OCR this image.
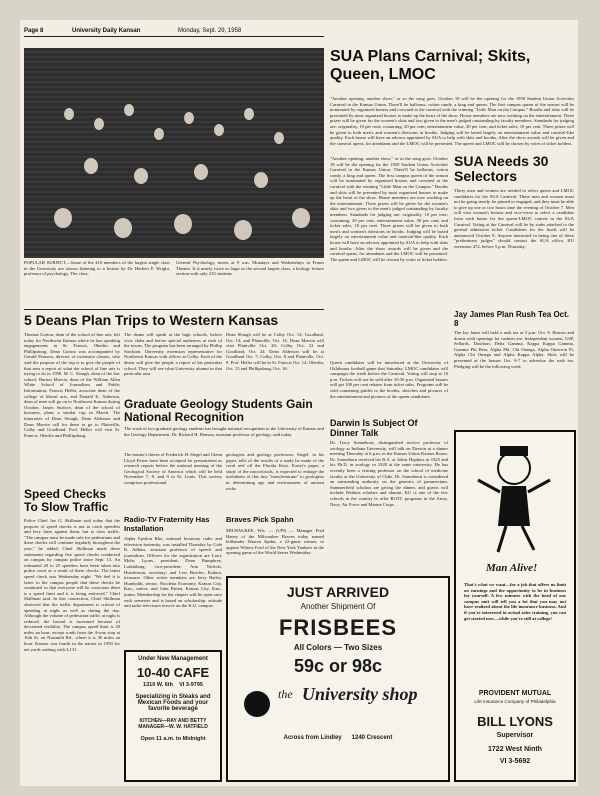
Page 8	University Daily Kansan	Monday, Sept. 29, 1958
POPULAR SUBJECT—Some of the 410 members of the largest single class in the University are shown listening to a lecture by Dr. Herbert F. Wright, professor of psychology. The class,
General Psychology, meets at 9 a.m. Mondays and Wednesdays in Fraser Theater. It is nearly twice as large as the second largest class, a biology lecture section with only 210 students.
SUA Plans Carnival; Skits, Queen, LMOC
"Another opening, another show," or so the song goes. October 18 will be the opening for the 1958 Student Union Activities Carnival in the Kansas Union. There'll be balloons, cotton candy, a king and queen. The first campus queen of the season will be nominated by organized houses and crowned at the carnival with the winning "Little Man on the Campus." Booths and skits will be presented by most organized houses to make up the heart of the show. House members are now working on the entertainment. Three prizes will be given for the women's skits and two given to the men's judged outstanding by faculty members. Standards for judging are: originality, 10 per cent; costuming, 20 per cent; entertainment value, 30 per cent; and ticket sales, 10 per cent. Three prizes will be given to both men's and women's divisions in booths. Judging will be based largely on entertainment value and carnival-like quality. Each house will have an advisor appointed by SUA to help with skits and booths. After the show awards will be given and the carnival opens, for attendants and the LMOC will be presented. The queen and LMOC will be chosen by votes of ticket holders.
"Another opening, another show," or so the song goes. October 18 will be the opening for the 1958 Student Union Activities Carnival in the Kansas Union. There'll be balloons, cotton candy, a king and queen. The first campus queen of the season will be nominated by organized houses and crowned at the carnival with the winning "Little Man on the Campus." Booths and skits will be presented by most organized houses to make up the heart of the show. House members are now working on the entertainment. Three prizes will be given for the women's skits and two given to the men's judged outstanding by faculty members. Standards for judging are: originality, 10 per cent; costuming, 20 per cent; entertainment value, 30 per cent; and ticket sales, 10 per cent. Three prizes will be given to both men's and women's divisions in booths. Judging will be based largely on entertainment value and carnival-like quality. Each house will have an advisor appointed by SUA to help with skits and booths. After the show awards will be given and the carnival opens, for attendants and the LMOC will be presented. The queen and LMOC will be chosen by votes of ticket holders.
SUA Needs 30 Selectors
Thirty men and women are needed to select queen and LMOC candidates for the SUA Carnival. These men and women must not be going steady, be pinned or engaged, and they must be able to give up one or two hours time the evening of October 7. Men will visit women's houses and vice-versa to select a candidate from each house for the queen-LMOC contest in the SUA Carnival. Voting at the Carnival will be by stubs attached to the general admission ticket. Candidates for the finals will be announced October 8. Anyone interested in being one of these "preliminary judges" should contact the SUA office, KU extension 472, before 5 p.m. Thursday.
Jay James Plan Rush Tea Oct. 8
The Jay Janes will hold a rush tea at 3 p.m. Oct. 8. Houses and dorms with openings for rushees are: Independent women, GSP, Sellards, Douthart, Delta Gamma, Kappa Kappa Gamma, Gamma Phi Beta, Alpha Phi, Chi Omega, Alpha Omicron Pi, Alpha Chi Omega and Alpha Kappa Alpha. Skits will be presented at the houses Oct. 6-7 to advertise the rush tea. Pledging will be the following week.
5 Deans Plan Trips to Western Kansas
Thomas Gorton, dean of the school of fine arts, left today for Northwest Kansas where he has speaking engagements in St. Francis, Oberlin and Phillipsburg. Dean Gorton was accompanied by Gerald Pearson, director of extension classes, who said the purpose of the trip is to give the people of that area a report of what the school of fine arts is trying to do in 1958. M. C. Slough, dean of the law school, Burton Marvin, dean of the William Allen White School of Journalism and Public Information; Francis Heller, associate dean of the college of liberal arts, and Donald K. Alderson, dean of men will go on to Northwest Kansas during October. James Surface, dean of the school of business, plans a similar trip in March. The itineraries of Dean Slough, Dean Alderson and Dean Marvin call for them to go to Plainville, Colby and Goodland. Prof. Heller will visit St. Francis, Oberlin and Phillipsburg.
The deans will speak at the high schools, before civic clubs and before special audiences at each of the towns. The program has been arranged by Phillip Stockton, University extension representative for Northwest Kansas with offices at Colby. Each of the deans will give the people a report of his particular school. They will see what University alumni in that particular area
Dean Slough will be at Colby Oct. 13; Goodland, Oct. 14; and Plainville, Oct. 16. Dean Marvin will visit Plainville Oct. 20; Colby, Oct. 22 and Goodland, Oct. 24. Dean Alderson will be at Goodland Oct. 7; Colby, Oct. 8 and Plainville, Oct. 9. Prof. Heller will be in St. Francis Oct. 14; Oberlin, Oct. 15 and Phillipsburg, Oct. 16.
Queen candidates will be introduced at the University of Oklahoma football game that Saturday. LMOC candidates will campaign the week before the Carnival. Voting will stop at 10 p.m. Tickets will not be sold after 10:30 p.m. Organized houses will get 100 per cent rebates from ticket sales. Programs will be sold containing guides to the booths, sketches and pictures of the entertainment and pictures of the queen candidates.
Darwin Is Subject Of Dinner Talk
Dr. Tracy Sonneborn, distinguished service professor of zoology at Indiana University, will talk on Darwin at a dinner meeting Thursday at 6 p.m. in the Kansas Union Kansas Room. Dr. Sonneborn received his B.A. at Johns Hopkins in 1925 and his Ph.D. in zoology in 1928 at the same university. He has recently been a visiting professor on the school of medicine faculty at the University of Chile. Dr. Sonneborn is considered an outstanding authority on the genetics of paramecium. Summerfield scholars are giving the dinner, and guests will include Watkins scholars and alumni. KU is one of the few schools in the country to offer ROTC programs in the Army, Navy, Air Force and Marine Corps.
Graduate Geology Students Gain National Recognition
The work of two graduate geology students has brought national recognition to the University of Kansas and the Geology Department, Dr. Richard H. Benson, assistant professor of geology, said today.
The master's theses of Frederick H. Siegel and Glenn Lloyd Foster have been accepted for presentation as research reports before the national meeting of the Geological Society of America which will be held November 7, 8, and 9 in St. Louis. This society comprises professional
geologists and geology professors. Siegel, in his paper, tells of the results of a study he made of the coral reef off the Florida Keys. Foster's paper, a study of the microfossils, is expected to enlarge the usefulness of this tiny "musclemiruin" to geologists in determining age and environment of ancient rocks.
Speed Checks To Slow Traffic
Police Chief Joe G. Skillman said today that the purpose of speed checks is not to catch speeders and levy fines against them, but to slow traffic. "The campus must be made safe for pedestrians and these checks will continue regularly throughout the year," he added. Chief Skillman made these statements regarding five speed checks conducted on campus by campus police since Sept. 15. An estimated 20 to 25 speeders have been taken into police court as a result of these checks. The latest speed check was Wednesday night. "We feel it is fairer to the campus people that these checks be continued so that everyone will be conscious there is a speed limit and it is being enforced," Chief Skillman said. In this connection, Chief Skillman observed that the traffic department is critical of speeding at night as well as during the day. Although the volume of pedestrian traffic at night is reduced, the hazard is increased because of decreased visibility. The campus speed limit is 20 miles an hour, except south from the 4-way stop at 16th St. on Naismith Rd., where it is 30 miles an hour. Kansas was fourth in the nation in 1950 for net yards rushing with 3,131.
Radio-TV Fraternity Has Installation
Alpha Epsilon Rho, national honorary radio and television fraternity, was installed Thursday by Gale R. Adkins, assistant professor of speech and journalism. Officers for the organization are Larry Mohr, Lyons, president; Dean Humphrey, Larkinburg, vice-president; Ann Nichols, Hutchinson, secretary; and Lew Bowles, Eudora, treasurer. Other active members are Jerry Bailey, Humboldt, senior; Nicoletta Economy, Kansas City, Kan., senior; and John Patten, Kansas City, Kan., junior. Membership for the chapter will be open once each semester and is based on scholarship, attitude and radio-television service on the K.U. campus.
Braves Pick Spahn
MILWAUKEE, Wis. — (UPI) — Manager Fred Haney of the Milwaukee Braves today named lefthander Warren Spahn, a 22-game winner, to oppose Whitey Ford of the New York Yankees in the opening game of the World Series Wednesday.
Under New Management
10-40 CAFE
1310 W. 6th VI 3-9795
Specializing in Steaks and Mexican Foods and your favorite beverage
KITCHEN—RAY AND BETTY MANAGER—W. W. HATFIELD
Open 11 a.m. to Midnight
JUST ARRIVED
Another Shipment Of
FRISBEES
All Colors — Two Sizes
59c or 98c
the University shop
Across from Lindley 1240 Crescent
Man Alive!
That's what we want—for a job that offers no limit on earnings and the opportunity to be in business for yourself. A few minutes with the head of our campus unit will tell you a lot that you may not have realized about the life insurance business. And if you're interested in actual sales training, you can get started now—while you're still at college!
PROVIDENT MUTUAL
Life Insurance Company of Philadelphia
BILL LYONS
Supervisor
1722 West Ninth
VI 3-5692
